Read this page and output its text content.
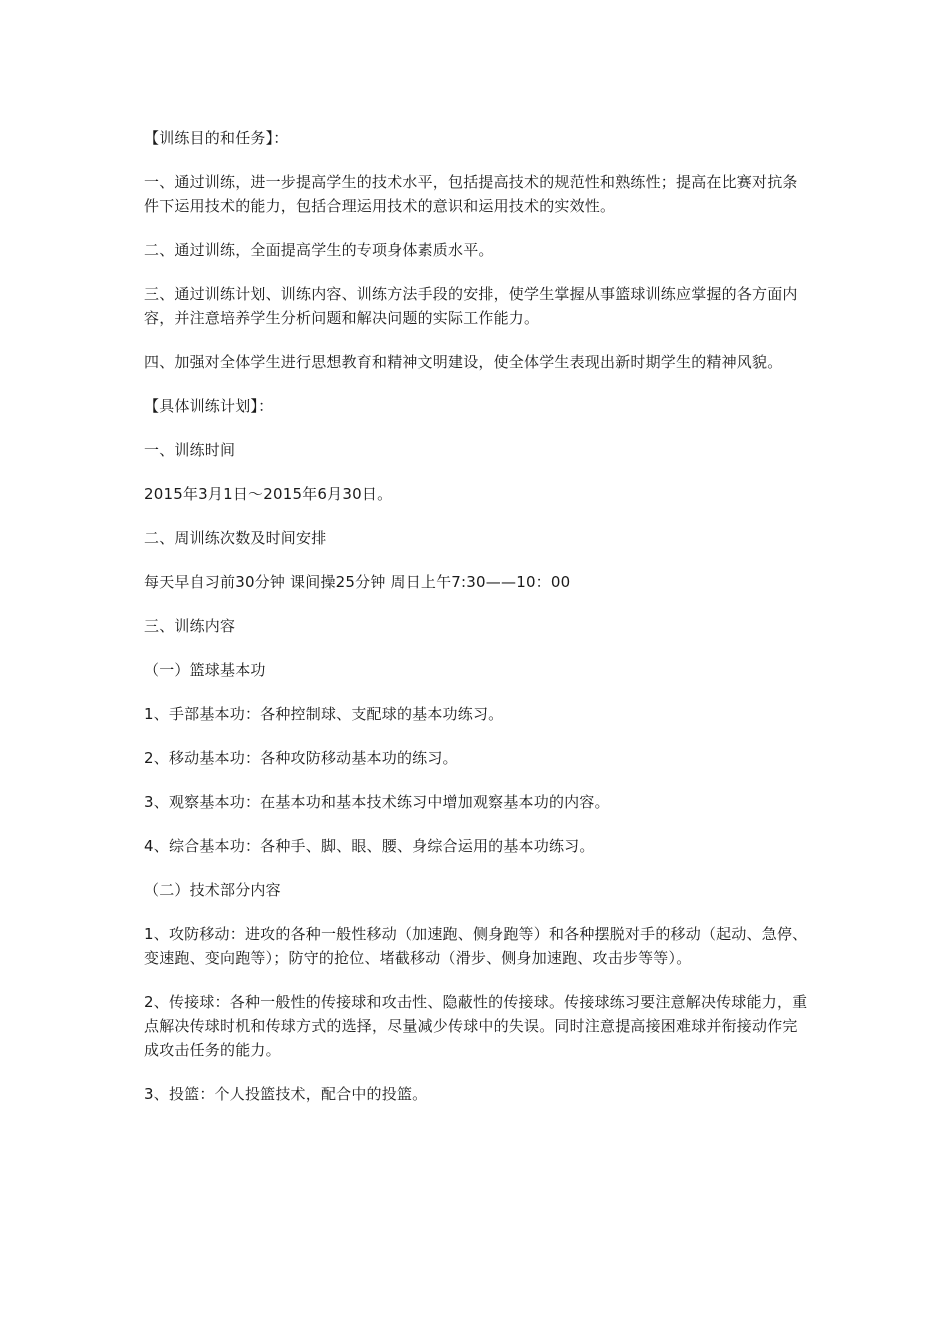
【训练目的和任务】：

一、通过训练，进一步提高学生的技术水平，包括提高技术的规范性和熟练性；提高在比赛对抗条件下运用技术的能力，包括合理运用技术的意识和运用技术的实效性。

二、通过训练，全面提高学生的专项身体素质水平。

三、通过训练计划、训练内容、训练方法手段的安排，使学生掌握从事篮球训练应掌握的各方面内容，并注意培养学生分析问题和解决问题的实际工作能力。

四、加强对全体学生进行思想教育和精神文明建设，使全体学生表现出新时期学生的精神风貌。

【具体训练计划】：

一、训练时间

2015年3月1日～2015年6月30日。

二、周训练次数及时间安排

每天早自习前30分钟 课间操25分钟 周日上午7:30——10：00

三、训练内容

（一）篮球基本功

1、手部基本功：各种控制球、支配球的基本功练习。

2、移动基本功：各种攻防移动基本功的练习。

3、观察基本功：在基本功和基本技术练习中增加观察基本功的内容。

4、综合基本功：各种手、脚、眼、腰、身综合运用的基本功练习。

（二）技术部分内容

1、攻防移动：进攻的各种一般性移动（加速跑、侧身跑等）和各种摆脱对手的移动（起动、急停、变速跑、变向跑等）；防守的抢位、堵截移动（滑步、侧身加速跑、攻击步等等）。

2、传接球：各种一般性的传接球和攻击性、隐蔽性的传接球。传接球练习要注意解决传球能力，重点解决传球时机和传球方式的选择，尽量减少传球中的失误。同时注意提高接困难球并衔接动作完成攻击任务的能力。

3、投篮：个人投篮技术，配合中的投篮。
